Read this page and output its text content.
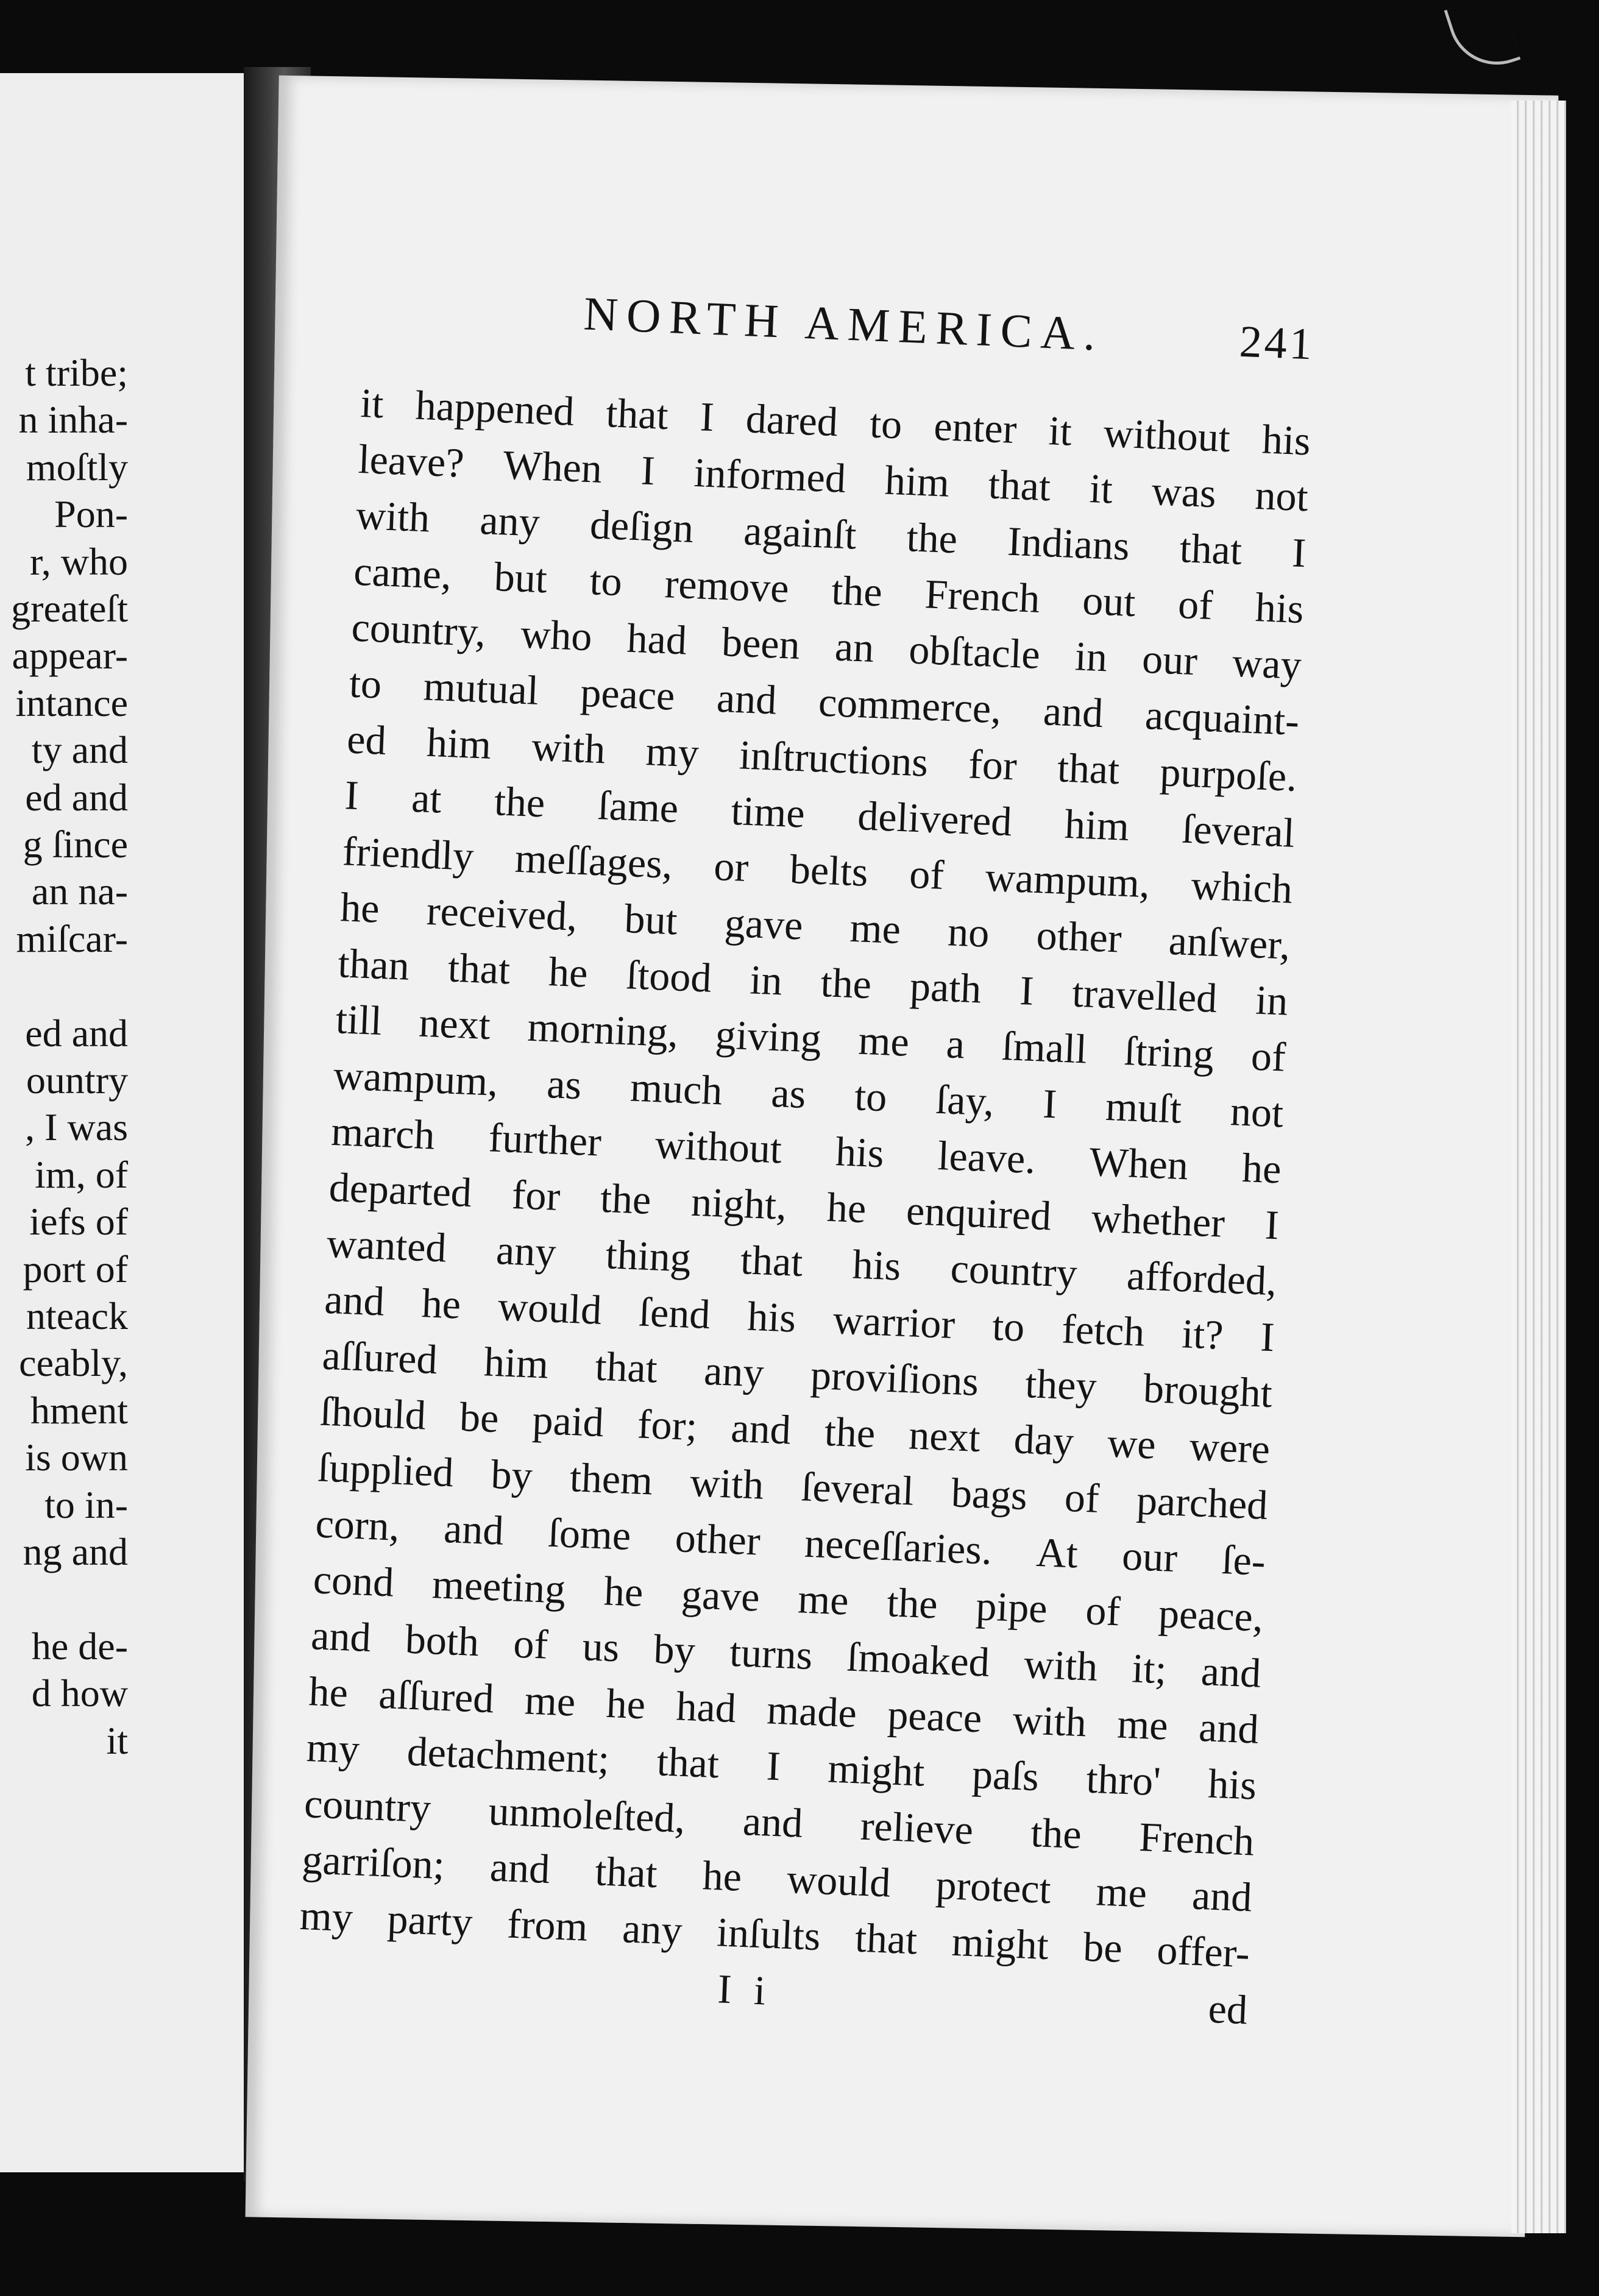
t tribe;
n inha-
moſtly
Pon-
r, who
greateſt
appear-
intance
ty and
ed and
g ſince
an na-
miſcar-
ed and
ountry
, I was
im, of
iefs of
port of
nteack
ceably,
hment
is own
to in-
ng and
he de-
d how
it
NORTH AMERICA.	241
it happened that I dared to enter it without his
leave? When I informed him that it was not
with any deſign againſt the Indians that I
came, but to remove the French out of his
country, who had been an obſtacle in our way
to mutual peace and commerce, and acquaint-
ed him with my inſtructions for that purpoſe.
I at the ſame time delivered him ſeveral
friendly meſſages, or belts of wampum, which
he received, but gave me no other anſwer,
than that he ſtood in the path I travelled in
till next morning, giving me a ſmall ſtring of
wampum, as much as to ſay, I muſt not
march further without his leave. When he
departed for the night, he enquired whether I
wanted any thing that his country afforded,
and he would ſend his warrior to fetch it? I
aſſured him that any proviſions they brought
ſhould be paid for; and the next day we were
ſupplied by them with ſeveral bags of parched
corn, and ſome other neceſſaries. At our ſe-
cond meeting he gave me the pipe of peace,
and both of us by turns ſmoaked with it; and
he aſſured me he had made peace with me and
my detachment; that I might paſs thro' his
country unmoleſted, and relieve the French
garriſon; and that he would protect me and
my party from any inſults that might be offer-
I i	ed
